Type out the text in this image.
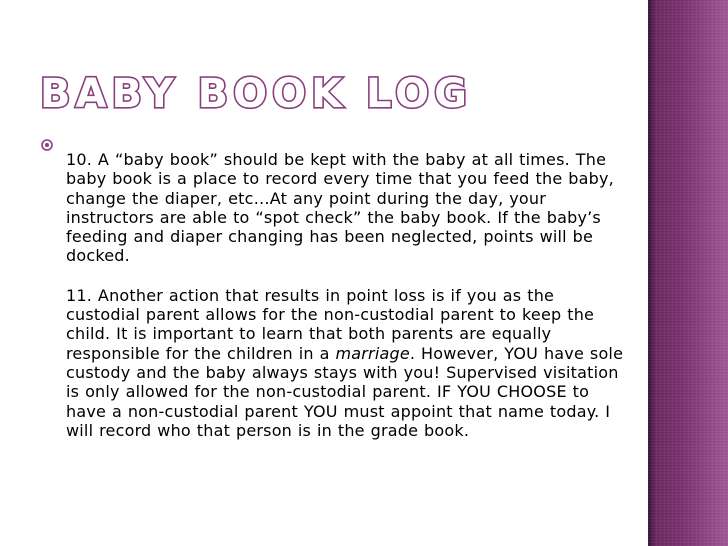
BABY BOOK LOG

10. A “baby book” should be kept with the baby at all times. The baby book is a place to record every time that you feed the baby, change the diaper, etc…At any point during the day, your instructors are able to “spot check” the baby book. If the baby’s feeding and diaper changing has been neglected, points will be docked.

11. Another action that results in point loss is if you as the custodial parent allows for the non-custodial parent to keep the child. It is important to learn that both parents are equally responsible for the children in a marriage. However, YOU have sole custody and the baby always stays with you! Supervised visitation is only allowed for the non-custodial parent. IF YOU CHOOSE to have a non-custodial parent YOU must appoint that name today. I will record who that person is in the grade book.
